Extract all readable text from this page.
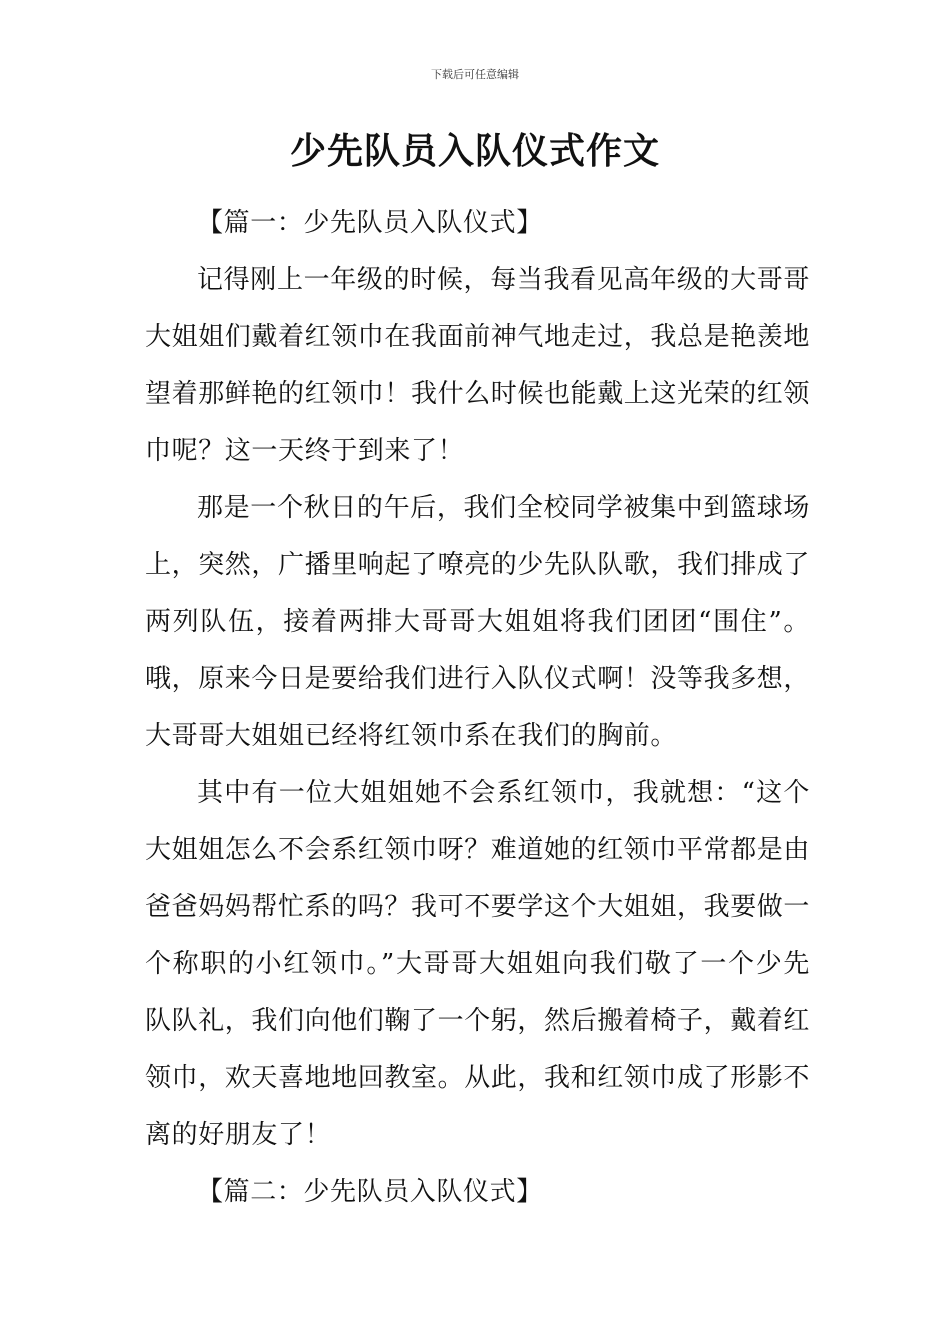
下载后可任意编辑
少先队员入队仪式作文

【篇一：少先队员入队仪式】

记得刚上一年级的时候，每当我看见高年级的大哥哥大姐姐们戴着红领巾在我面前神气地走过，我总是艳羡地望着那鲜艳的红领巾！我什么时候也能戴上这光荣的红领巾呢？这一天终于到来了！

那是一个秋日的午后，我们全校同学被集中到篮球场上，突然，广播里响起了嘹亮的少先队队歌，我们排成了两列队伍，接着两排大哥哥大姐姐将我们团团“围住”。哦，原来今日是要给我们进行入队仪式啊！没等我多想，大哥哥大姐姐已经将红领巾系在我们的胸前。

其中有一位大姐姐她不会系红领巾，我就想：“这个大姐姐怎么不会系红领巾呀？难道她的红领巾平常都是由爸爸妈妈帮忙系的吗？我可不要学这个大姐姐，我要做一个称职的小红领巾。”大哥哥大姐姐向我们敬了一个少先队队礼，我们向他们鞠了一个躬，然后搬着椅子，戴着红领巾，欢天喜地地回教室。从此，我和红领巾成了形影不离的好朋友了！

【篇二：少先队员入队仪式】
